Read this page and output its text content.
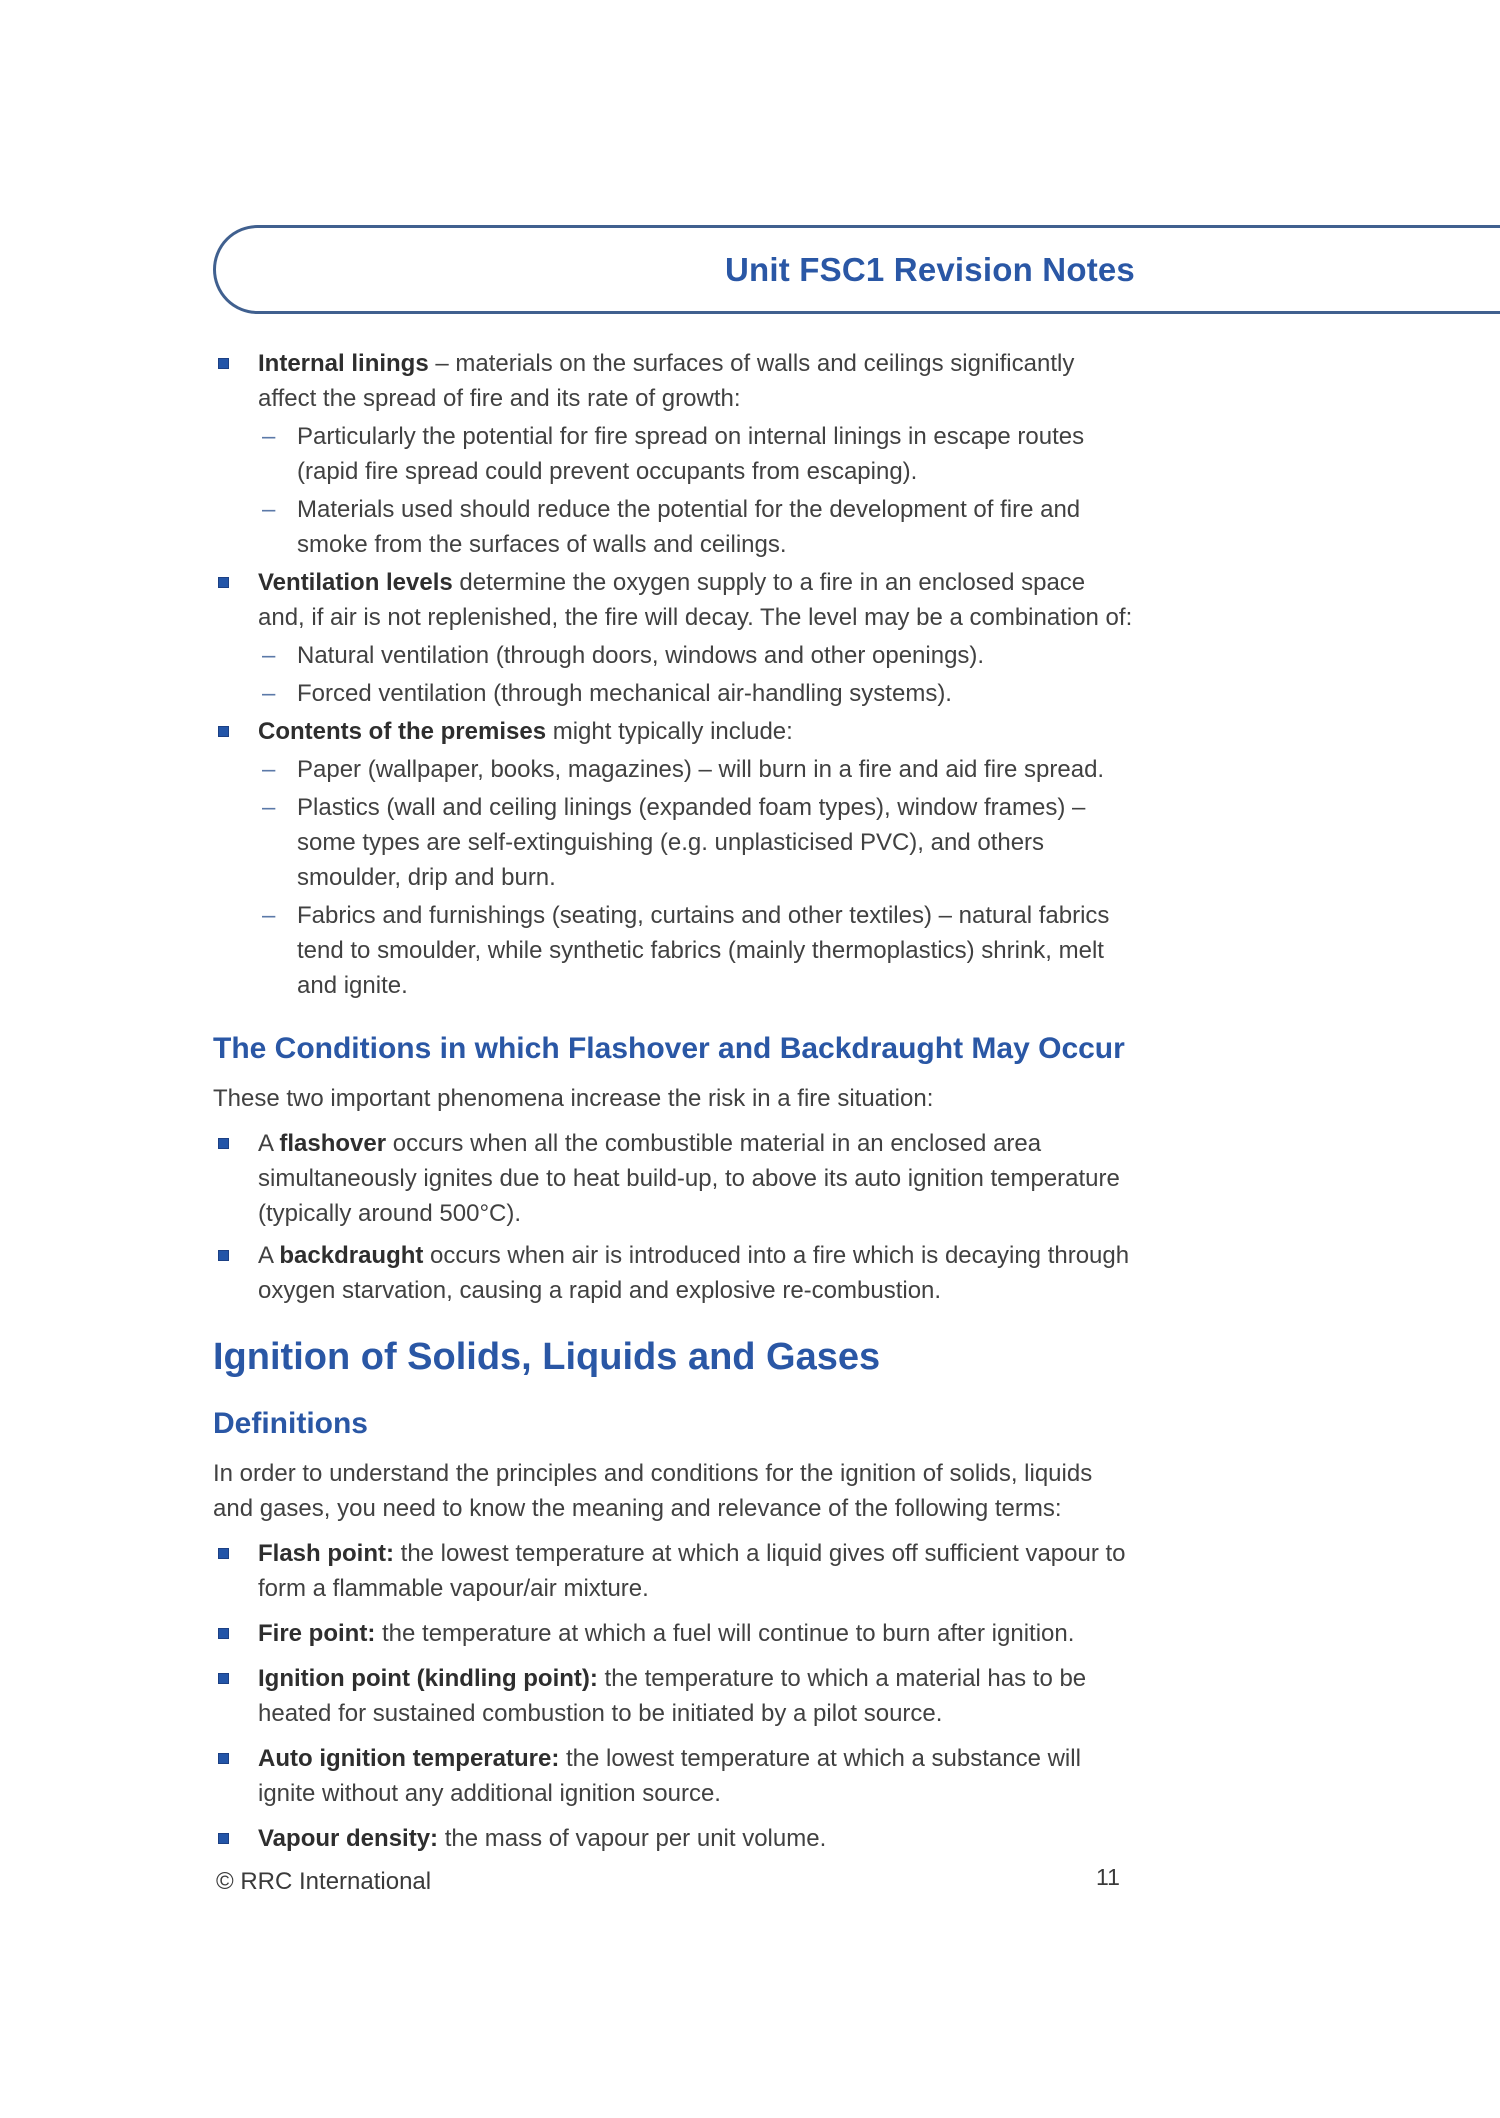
Unit FSC1 Revision Notes
Internal linings – materials on the surfaces of walls and ceilings significantly affect the spread of fire and its rate of growth:
– Particularly the potential for fire spread on internal linings in escape routes (rapid fire spread could prevent occupants from escaping).
– Materials used should reduce the potential for the development of fire and smoke from the surfaces of walls and ceilings.
Ventilation levels determine the oxygen supply to a fire in an enclosed space and, if air is not replenished, the fire will decay. The level may be a combination of:
– Natural ventilation (through doors, windows and other openings).
– Forced ventilation (through mechanical air-handling systems).
Contents of the premises might typically include:
– Paper (wallpaper, books, magazines) – will burn in a fire and aid fire spread.
– Plastics (wall and ceiling linings (expanded foam types), window frames) – some types are self-extinguishing (e.g. unplasticised PVC), and others smoulder, drip and burn.
– Fabrics and furnishings (seating, curtains and other textiles) – natural fabrics tend to smoulder, while synthetic fabrics (mainly thermoplastics) shrink, melt and ignite.
The Conditions in which Flashover and Backdraught May Occur

These two important phenomena increase the risk in a fire situation:

A flashover occurs when all the combustible material in an enclosed area simultaneously ignites due to heat build-up, to above its auto ignition temperature (typically around 500°C).
A backdraught occurs when air is introduced into a fire which is decaying through oxygen starvation, causing a rapid and explosive re-combustion.
Ignition of Solids, Liquids and Gases
Definitions

In order to understand the principles and conditions for the ignition of solids, liquids and gases, you need to know the meaning and relevance of the following terms:

Flash point: the lowest temperature at which a liquid gives off sufficient vapour to form a flammable vapour/air mixture.
Fire point: the temperature at which a fuel will continue to burn after ignition.
Ignition point (kindling point): the temperature to which a material has to be heated for sustained combustion to be initiated by a pilot source.
Auto ignition temperature: the lowest temperature at which a substance will ignite without any additional ignition source.
Vapour density: the mass of vapour per unit volume.
© RRC International	11
